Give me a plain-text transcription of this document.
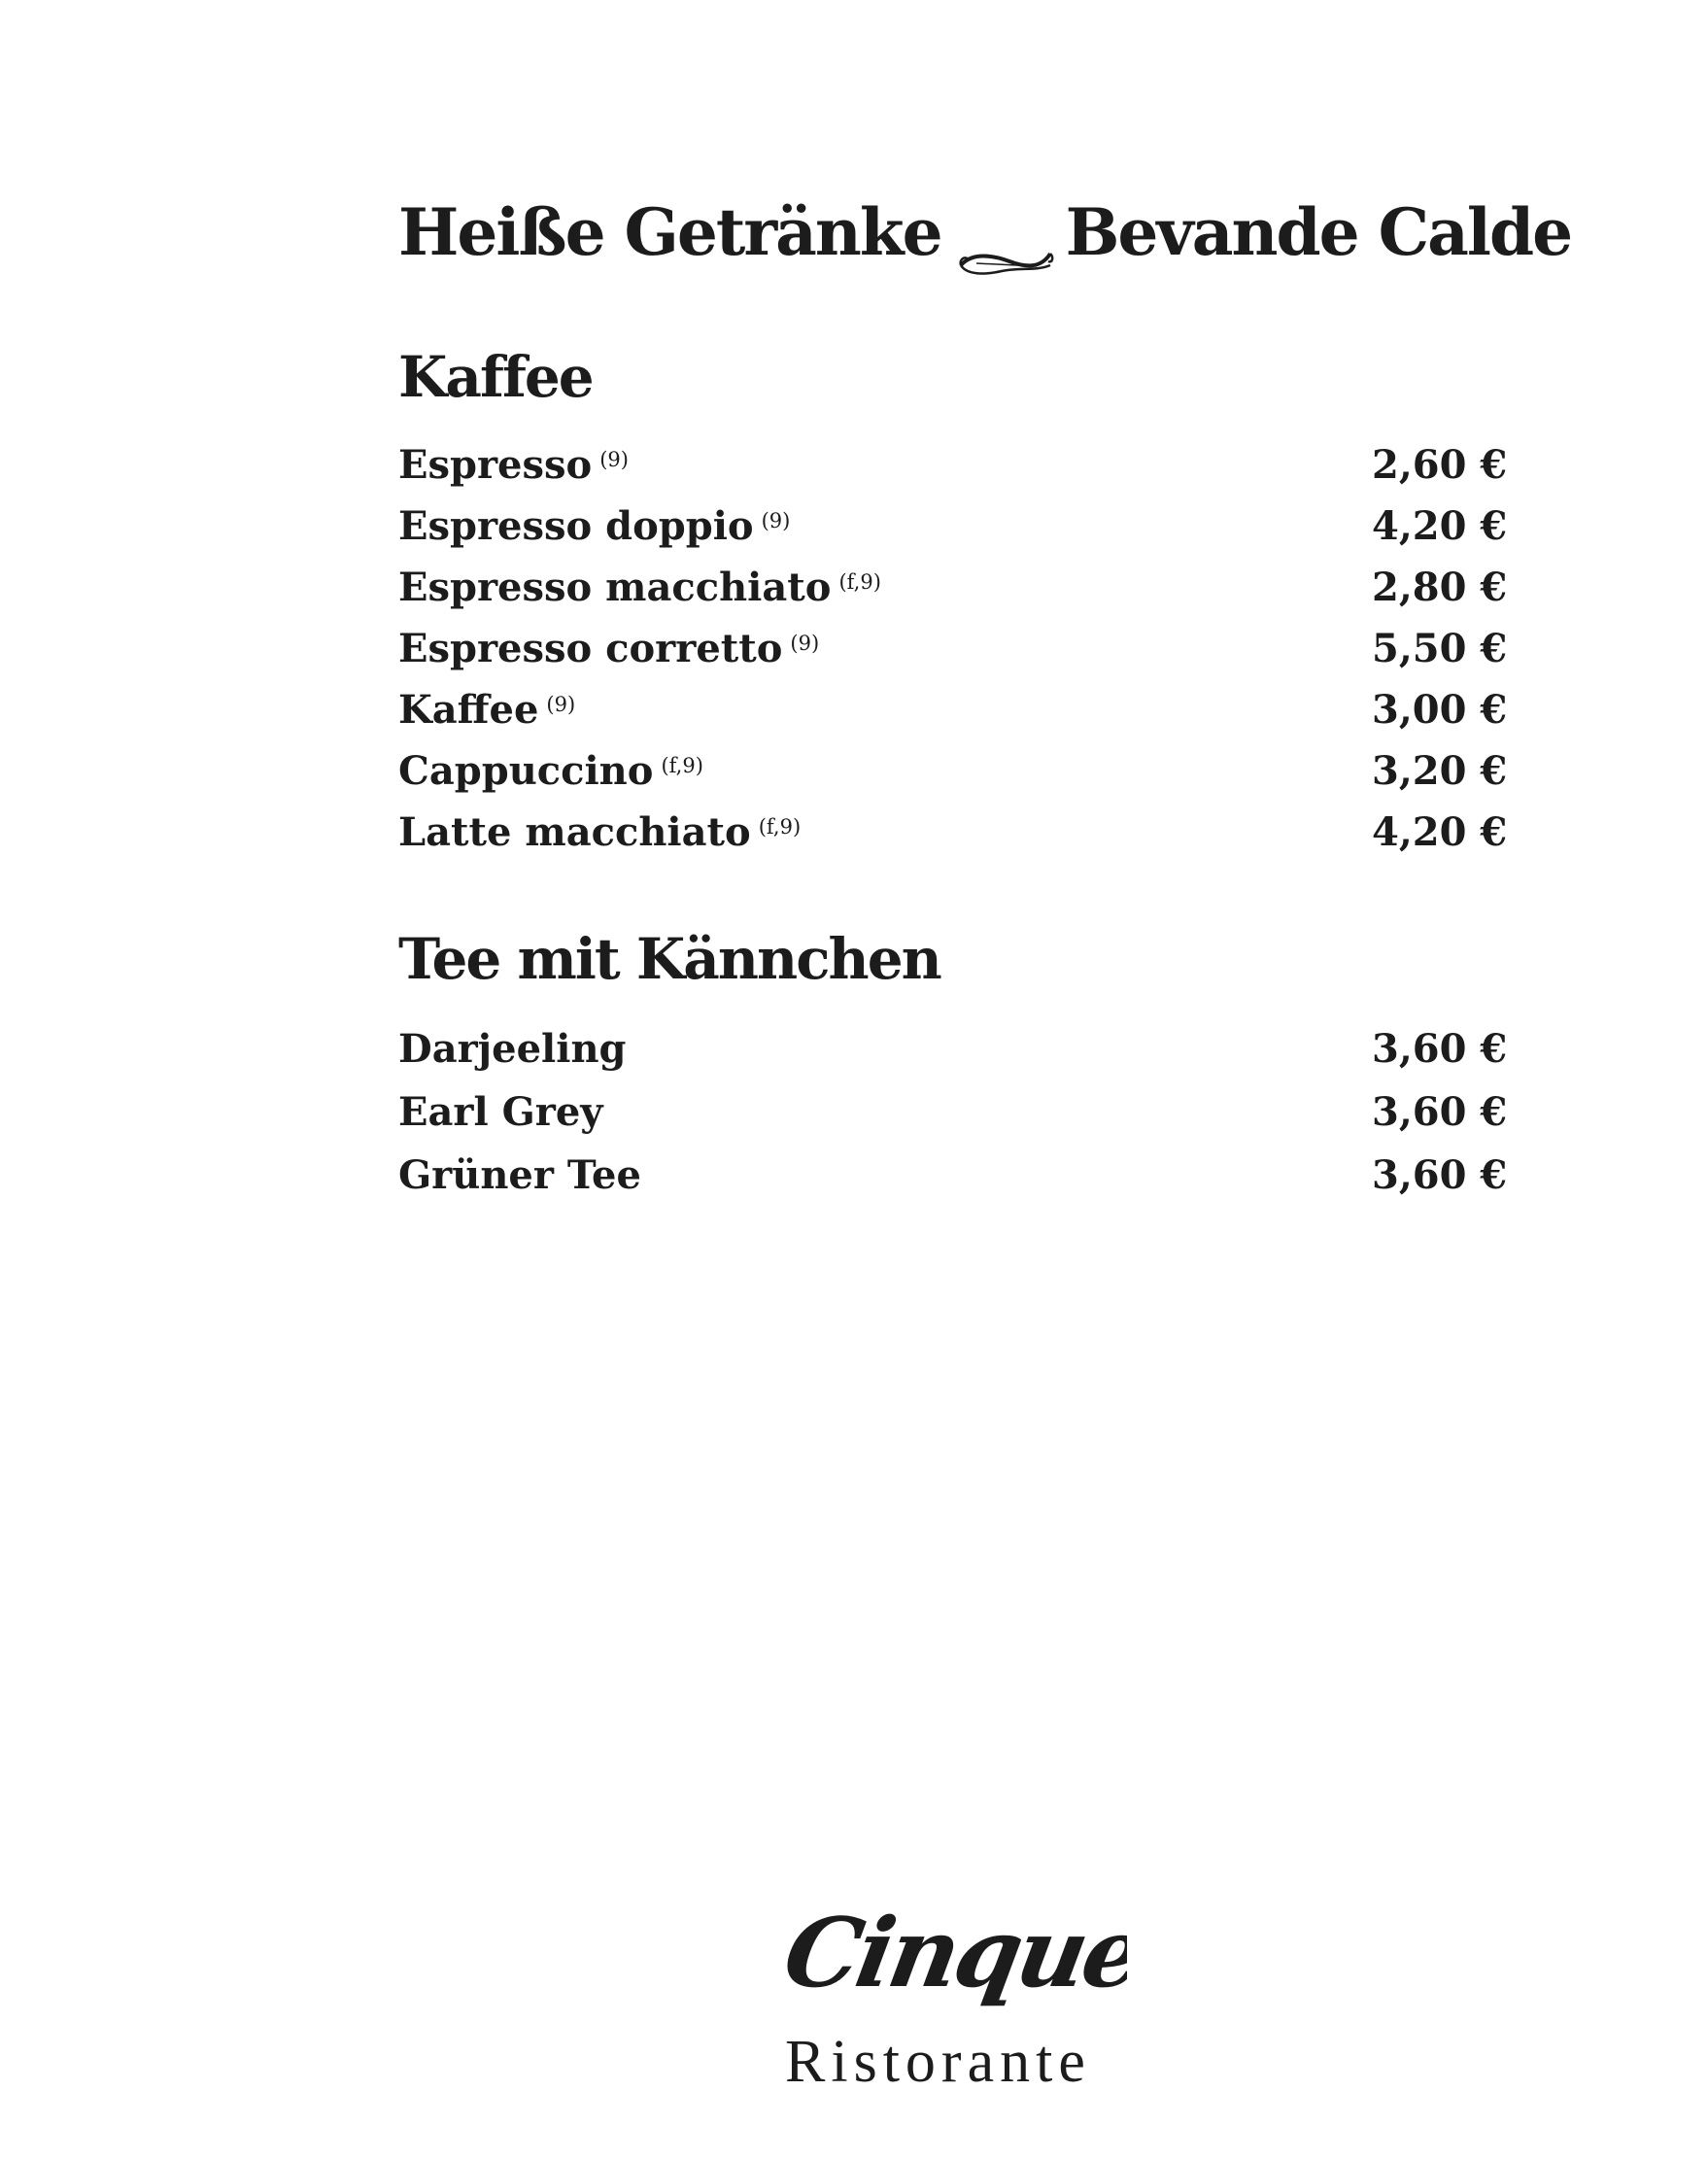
Heiße Getränke Bevande Calde
Kaffee
Espresso $^{(9)}$	2,60 €
Espresso doppio $^{(9)}$	4,20 €
Espresso macchiato $^{(f,9)}$	2,80 €
Espresso corretto $^{(9)}$	5,50 €
Kaffee $^{(9)}$	3,00 €
Cappuccino $^{(f,9)}$	3,20 €
Latte macchiato $^{(f,9)}$	4,20 €
Tee mit Kännchen
Darjeeling	3,60 €
Earl Grey	3,60 €
Grüner Tee	3,60 €
Cinque
Ristorante
